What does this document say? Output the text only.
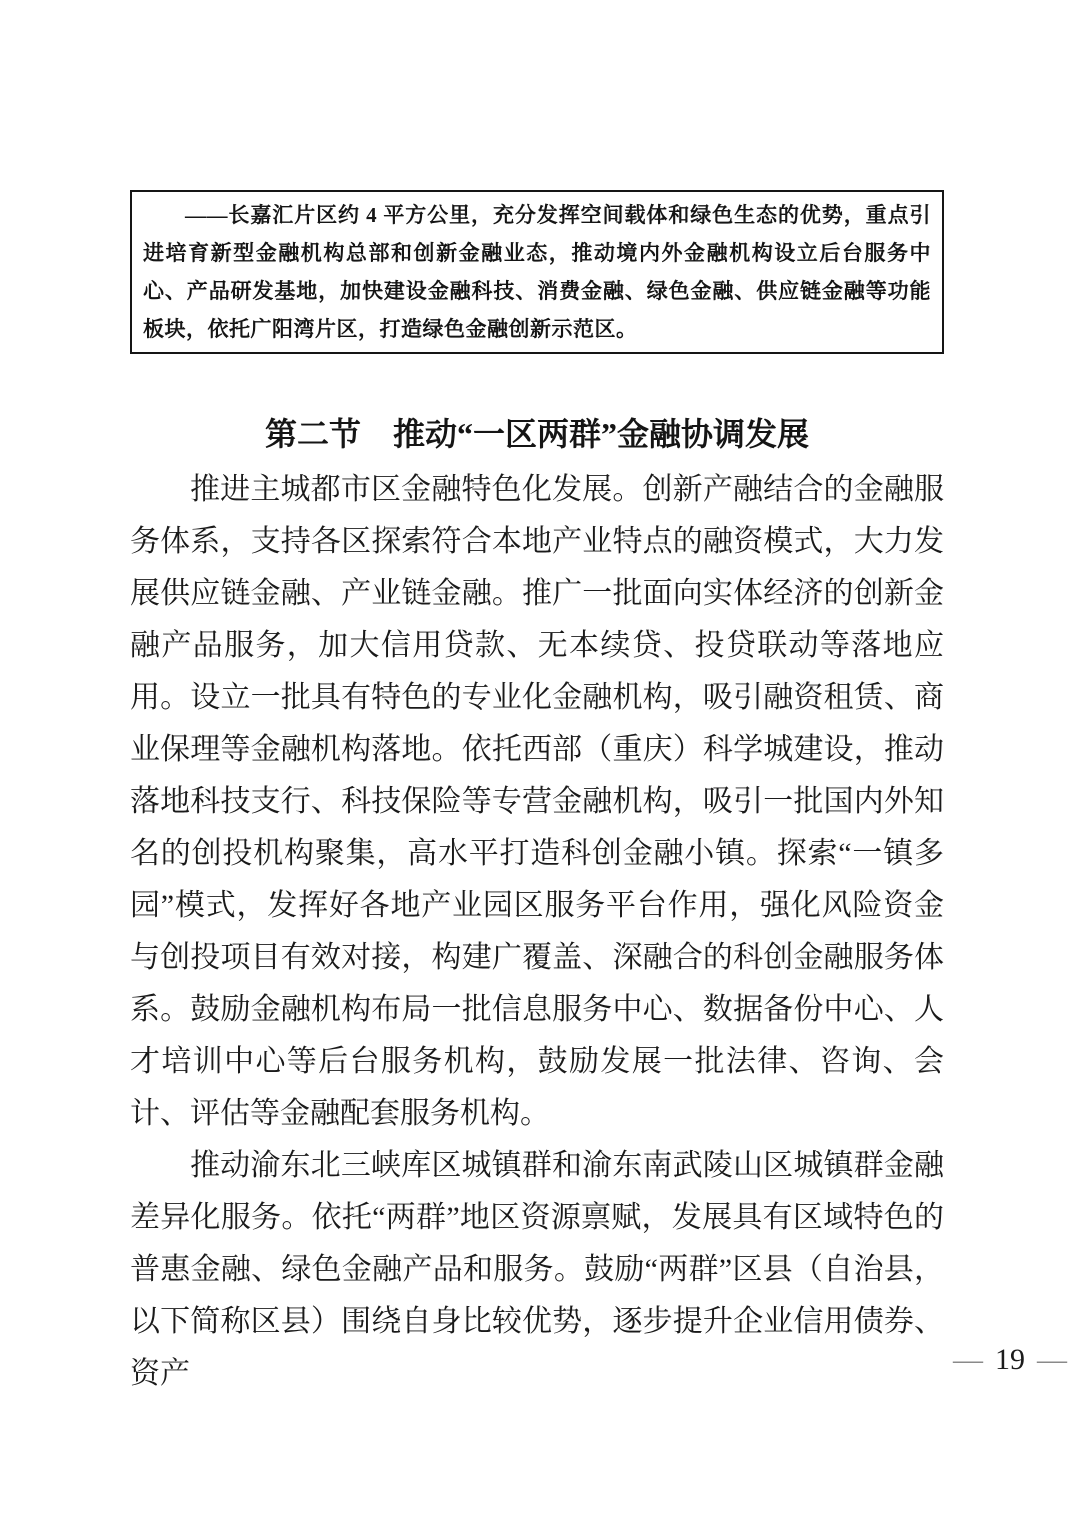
——长嘉汇片区约 4 平方公里，充分发挥空间载体和绿色生态的优势，重点引进培育新型金融机构总部和创新金融业态，推动境内外金融机构设立后台服务中心、产品研发基地，加快建设金融科技、消费金融、绿色金融、供应链金融等功能板块，依托广阳湾片区，打造绿色金融创新示范区。

第二节　推动“一区两群”金融协调发展

推进主城都市区金融特色化发展。创新产融结合的金融服务体系，支持各区探索符合本地产业特点的融资模式，大力发展供应链金融、产业链金融。推广一批面向实体经济的创新金融产品服务，加大信用贷款、无本续贷、投贷联动等落地应用。设立一批具有特色的专业化金融机构，吸引融资租赁、商业保理等金融机构落地。依托西部（重庆）科学城建设，推动落地科技支行、科技保险等专营金融机构，吸引一批国内外知名的创投机构聚集，高水平打造科创金融小镇。探索“一镇多园”模式，发挥好各地产业园区服务平台作用，强化风险资金与创投项目有效对接，构建广覆盖、深融合的科创金融服务体系。鼓励金融机构布局一批信息服务中心、数据备份中心、人才培训中心等后台服务机构，鼓励发展一批法律、咨询、会计、评估等金融配套服务机构。

推动渝东北三峡库区城镇群和渝东南武陵山区城镇群金融差异化服务。依托“两群”地区资源禀赋，发展具有区域特色的普惠金融、绿色金融产品和服务。鼓励“两群”区县（自治县，以下简称区县）围绕自身比较优势，逐步提升企业信用债券、资产	— 19 —
